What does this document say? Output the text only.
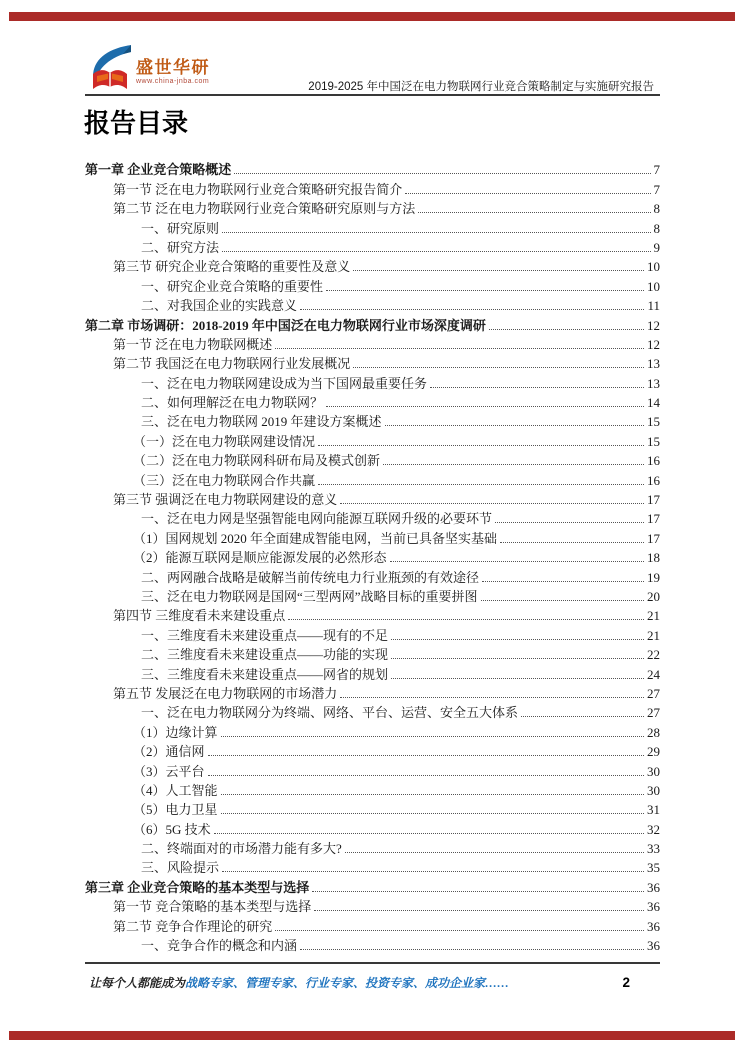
盛世华研
www.china-jnba.com	2019-2025 年中国泛在电力物联网行业竞合策略制定与实施研究报告
报告目录
第一章 企业竞合策略概述	7
第一节 泛在电力物联网行业竞合策略研究报告简介	7
第二节 泛在电力物联网行业竞合策略研究原则与方法	8
一、研究原则	8
二、研究方法	9
第三节 研究企业竞合策略的重要性及意义	10
一、研究企业竞合策略的重要性	10
二、对我国企业的实践意义	11
第二章 市场调研：2018-2019 年中国泛在电力物联网行业市场深度调研	12
第一节 泛在电力物联网概述	12
第二节 我国泛在电力物联网行业发展概况	13
一、泛在电力物联网建设成为当下国网最重要任务	13
二、如何理解泛在电力物联网？	14
三、泛在电力物联网 2019 年建设方案概述	15
（一）泛在电力物联网建设情况	15
（二）泛在电力物联网科研布局及模式创新	16
（三）泛在电力物联网合作共赢	16
第三节 强调泛在电力物联网建设的意义	17
一、泛在电力网是坚强智能电网向能源互联网升级的必要环节	17
（1）国网规划 2020 年全面建成智能电网，当前已具备坚实基础	17
（2）能源互联网是顺应能源发展的必然形态	18
二、两网融合战略是破解当前传统电力行业瓶颈的有效途径	19
三、泛在电力物联网是国网“三型两网”战略目标的重要拼图	20
第四节 三维度看未来建设重点	21
一、三维度看未来建设重点——现有的不足	21
二、三维度看未来建设重点——功能的实现	22
三、三维度看未来建设重点——网省的规划	24
第五节 发展泛在电力物联网的市场潜力	27
一、泛在电力物联网分为终端、网络、平台、运营、安全五大体系	27
（1）边缘计算	28
（2）通信网	29
（3）云平台	30
（4）人工智能	30
（5）电力卫星	31
（6）5G 技术	32
二、终端面对的市场潜力能有多大?	33
三、风险提示	35
第三章 企业竞合策略的基本类型与选择	36
第一节 竞合策略的基本类型与选择	36
第二节 竞争合作理论的研究	36
一、竞争合作的概念和内涵	36
让每个人都能成为战略专家、管理专家、行业专家、投资专家、成功企业家……	2
